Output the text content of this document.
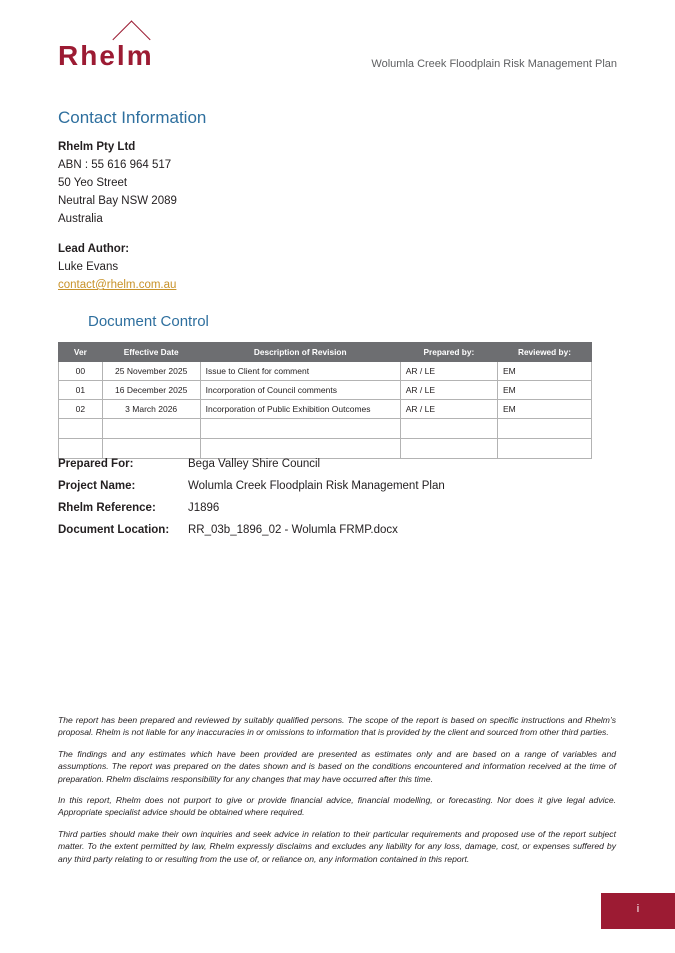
Rhelm	Wolumla Creek Floodplain Risk Management Plan
Contact Information
Rhelm Pty Ltd
ABN : 55 616 964 517
50 Yeo Street
Neutral Bay NSW 2089
Australia
Lead Author:
Luke Evans
contact@rhelm.com.au
Document Control
Ver	Effective Date	Description of Revision	Prepared by:	Reviewed by:
00	25 November 2025	Issue to Client for comment	AR / LE	EM
01	16 December 2025	Incorporation of Council comments	AR / LE	EM
02	3 March 2026	Incorporation of Public Exhibition Outcomes	AR / LE	EM

Prepared For:	Bega Valley Shire Council
Project Name:	Wolumla Creek Floodplain Risk Management Plan
Rhelm Reference:	J1896
Document Location:	RR_03b_1896_02 - Wolumla FRMP.docx

The report has been prepared and reviewed by suitably qualified persons. The scope of the report is based on specific instructions and Rhelm’s proposal. Rhelm is not liable for any inaccuracies in or omissions to information that is provided by the client and sourced from other third parties.

The findings and any estimates which have been provided are presented as estimates only and are based on a range of variables and assumptions. The report was prepared on the dates shown and is based on the conditions encountered and information received at the time of preparation. Rhelm disclaims responsibility for any changes that may have occurred after this time.

In this report, Rhelm does not purport to give or provide financial advice, financial modelling, or forecasting. Nor does it give legal advice. Appropriate specialist advice should be obtained where required.

Third parties should make their own inquiries and seek advice in relation to their particular requirements and proposed use of the report subject matter. To the extent permitted by law, Rhelm expressly disclaims and excludes any liability for any loss, damage, cost, or expenses suffered by any third party relating to or resulting from the use of, or reliance on, any information contained in this report.

i
